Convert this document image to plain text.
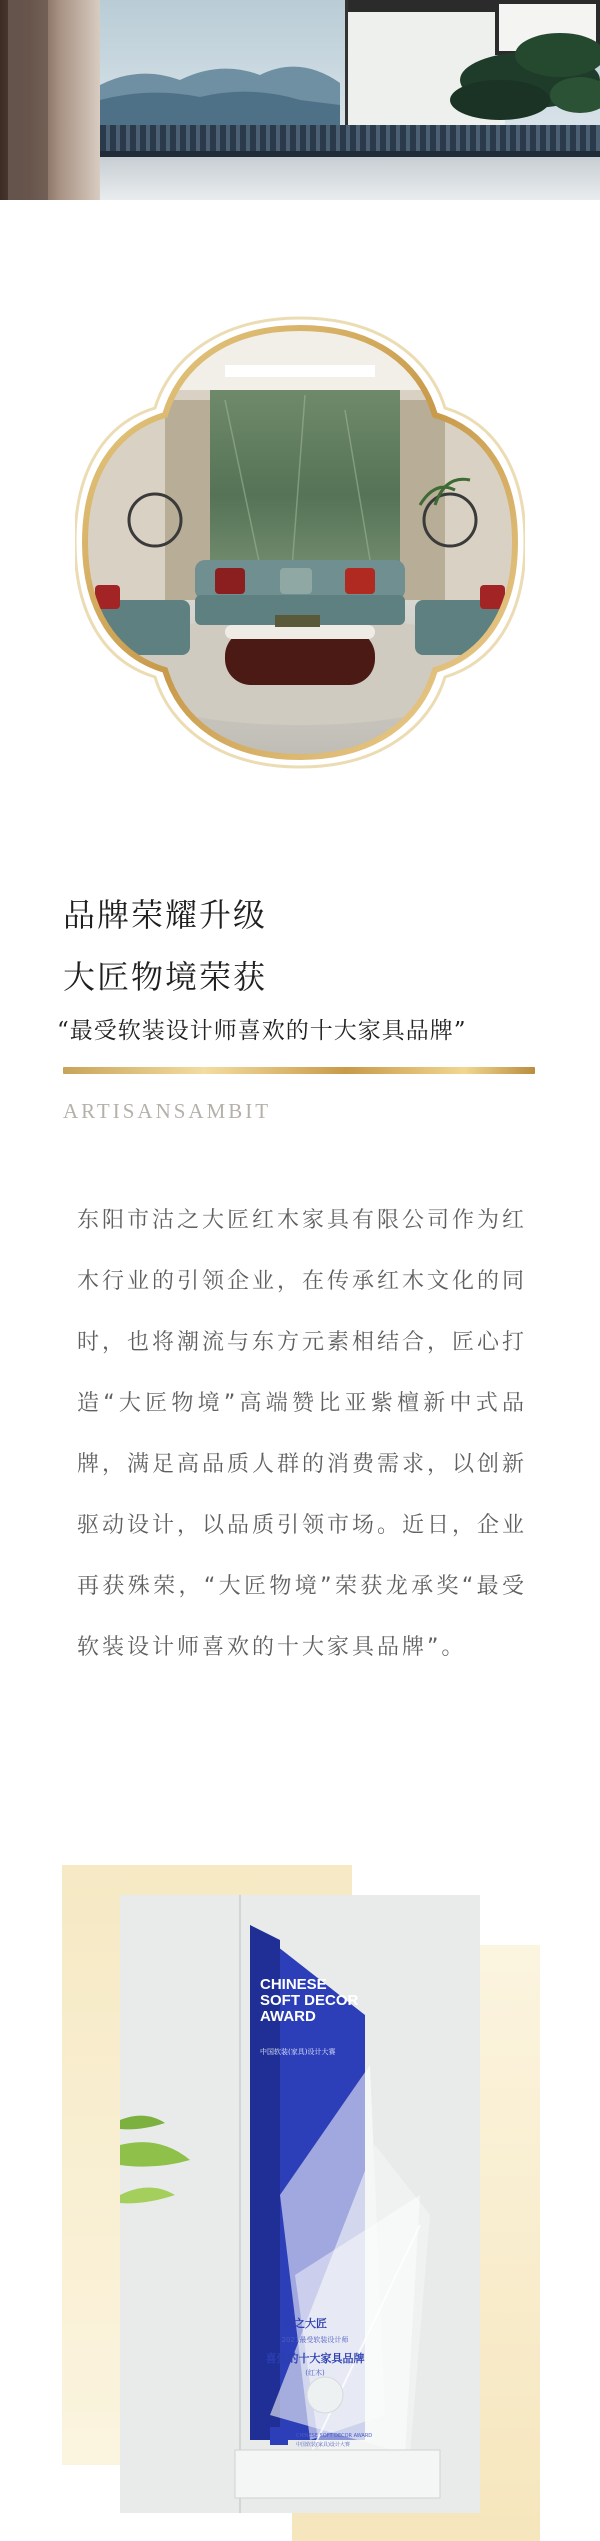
品牌荣耀升级
大匠物境荣获
“最受软装设计师喜欢的十大家具品牌”
ARTISANSAMBIT
东阳市沽之大匠红木家具有限公司作为红木行业的引领企业，在传承红木文化的同时，也将潮流与东方元素相结合，匠心打造“大匠物境”高端赞比亚紫檀新中式品牌，满足高品质人群的消费需求，以创新驱动设计，以品质引领市场。近日，企业再获殊荣，“大匠物境”荣获龙承奖“最受软装设计师喜欢的十大家具品牌”。
CHINESE SOFT DECOR AWARD
中国软装(家具)设计大赛
沽之大匠
2021最受软装设计师
喜爱的十大家具品牌
(红木)
CHINESE SOFT DECOR AWARD
中国软装(家具)设计大赛
